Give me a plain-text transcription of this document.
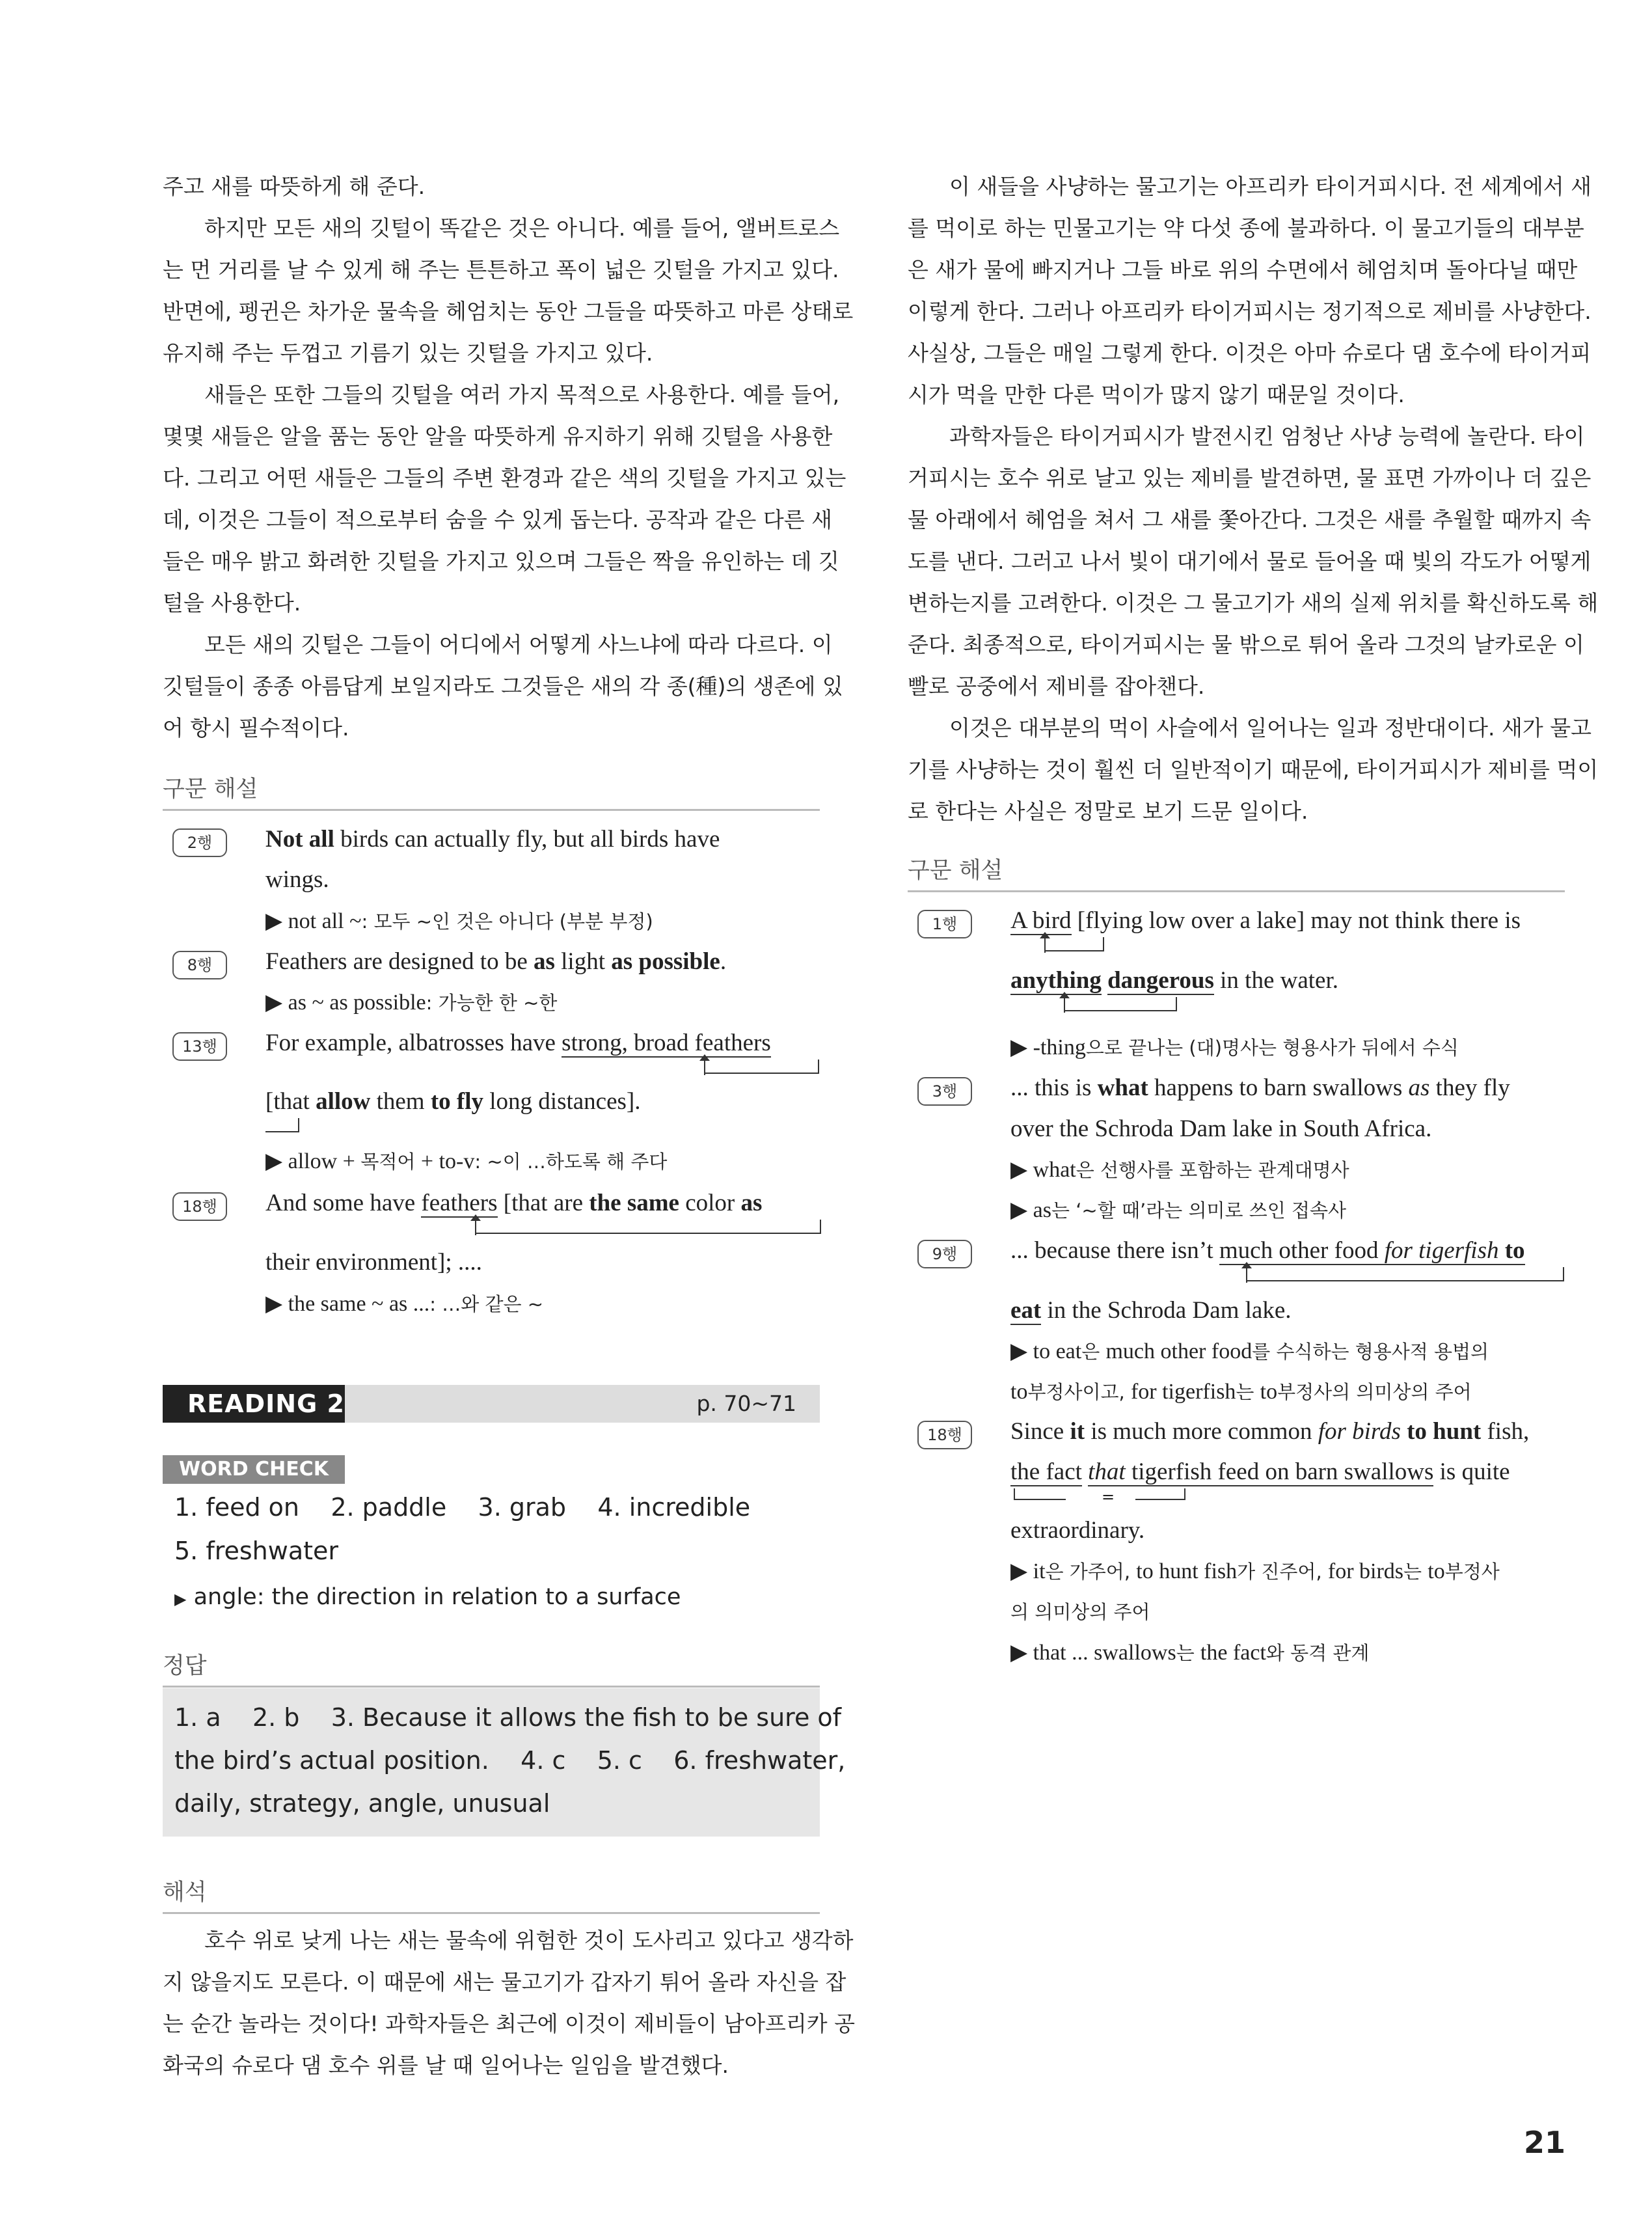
주고 새를 따뜻하게 해 준다.
하지만 모든 새의 깃털이 똑같은 것은 아니다. 예를 들어, 앨버트로스
는 먼 거리를 날 수 있게 해 주는 튼튼하고 폭이 넓은 깃털을 가지고 있다.
반면에, 펭귄은 차가운 물속을 헤엄치는 동안 그들을 따뜻하고 마른 상태로
유지해 주는 두껍고 기름기 있는 깃털을 가지고 있다.
새들은 또한 그들의 깃털을 여러 가지 목적으로 사용한다. 예를 들어,
몇몇 새들은 알을 품는 동안 알을 따뜻하게 유지하기 위해 깃털을 사용한
다. 그리고 어떤 새들은 그들의 주변 환경과 같은 색의 깃털을 가지고 있는
데, 이것은 그들이 적으로부터 숨을 수 있게 돕는다. 공작과 같은 다른 새
들은 매우 밝고 화려한 깃털을 가지고 있으며 그들은 짝을 유인하는 데 깃
털을 사용한다.
모든 새의 깃털은 그들이 어디에서 어떻게 사느냐에 따라 다르다. 이
깃털들이 종종 아름답게 보일지라도 그것들은 새의 각 종(種)의 생존에 있
어 항시 필수적이다.
구문 해설
2행	Not all birds can actually fly, but all birds have
wings.
▶ not all ~: 모두 ~인 것은 아니다 (부분 부정)
8행	Feathers are designed to be as light as possible.
▶ as ~ as possible: 가능한 한 ~한
13행	For example, albatrosses have strong, broad feathers
[that allow them to fly long distances].
▶ allow + 목적어 + to-v: ~이 …하도록 해 주다
18행	And some have feathers [that are the same color as
their environment]; ....
▶ the same ~ as ...: …와 같은 ~
READING 2	p. 70~71
WORD CHECK
1. feed on    2. paddle    3. grab    4. incredible
5. freshwater
▶ angle: the direction in relation to a surface
정답
1. a    2. b    3. Because it allows the fish to be sure of
the bird’s actual position.    4. c    5. c    6. freshwater,
daily, strategy, angle, unusual
해석
호수 위로 낮게 나는 새는 물속에 위험한 것이 도사리고 있다고 생각하
지 않을지도 모른다. 이 때문에 새는 물고기가 갑자기 튀어 올라 자신을 잡
는 순간 놀라는 것이다! 과학자들은 최근에 이것이 제비들이 남아프리카 공
화국의 슈로다 댐 호수 위를 날 때 일어나는 일임을 발견했다.
이 새들을 사냥하는 물고기는 아프리카 타이거피시다. 전 세계에서 새
를 먹이로 하는 민물고기는 약 다섯 종에 불과하다. 이 물고기들의 대부분
은 새가 물에 빠지거나 그들 바로 위의 수면에서 헤엄치며 돌아다닐 때만
이렇게 한다. 그러나 아프리카 타이거피시는 정기적으로 제비를 사냥한다.
사실상, 그들은 매일 그렇게 한다. 이것은 아마 슈로다 댐 호수에 타이거피
시가 먹을 만한 다른 먹이가 많지 않기 때문일 것이다.
과학자들은 타이거피시가 발전시킨 엄청난 사냥 능력에 놀란다. 타이
거피시는 호수 위로 날고 있는 제비를 발견하면, 물 표면 가까이나 더 깊은
물 아래에서 헤엄을 쳐서 그 새를 쫓아간다. 그것은 새를 추월할 때까지 속
도를 낸다. 그러고 나서 빛이 대기에서 물로 들어올 때 빛의 각도가 어떻게
변하는지를 고려한다. 이것은 그 물고기가 새의 실제 위치를 확신하도록 해
준다. 최종적으로, 타이거피시는 물 밖으로 튀어 올라 그것의 날카로운 이
빨로 공중에서 제비를 잡아챈다.
이것은 대부분의 먹이 사슬에서 일어나는 일과 정반대이다. 새가 물고
기를 사냥하는 것이 훨씬 더 일반적이기 때문에, 타이거피시가 제비를 먹이
로 한다는 사실은 정말로 보기 드문 일이다.
구문 해설
1행	A bird [flying low over a lake] may not think there is
anything dangerous in the water.
▶ -thing으로 끝나는 (대)명사는 형용사가 뒤에서 수식
3행	... this is what happens to barn swallows as they fly
over the Schroda Dam lake in South Africa.
▶ what은 선행사를 포함하는 관계대명사
▶ as는 ‘~할 때’라는 의미로 쓰인 접속사
9행	... because there isn’t much other food for tigerfish to
eat in the Schroda Dam lake.
▶ to eat은 much other food를 수식하는 형용사적 용법의
to부정사이고, for tigerfish는 to부정사의 의미상의 주어
18행	Since it is much more common for birds to hunt fish,
the fact that tigerfish feed on barn swallows is quite
=
extraordinary.
▶ it은 가주어, to hunt fish가 진주어, for birds는 to부정사
의 의미상의 주어
▶ that ... swallows는 the fact와 동격 관계
21
